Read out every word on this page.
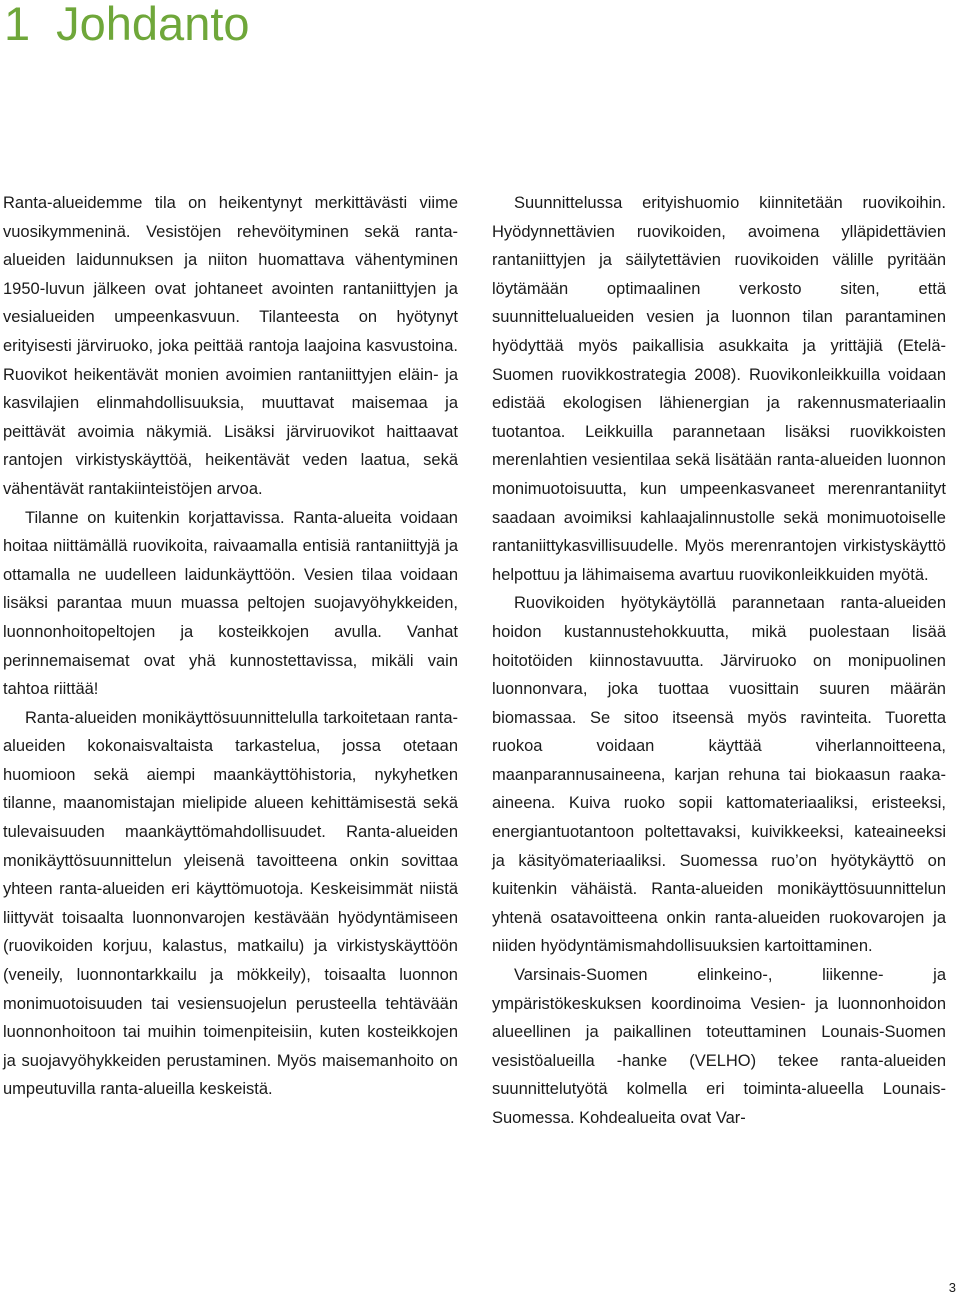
1 Johdanto

Ranta-alueidemme tila on heikentynyt merkittävästi viime vuosikymmeninä. Vesistöjen rehevöityminen sekä ranta-alueiden laidunnuksen ja niiton huomattava vähentyminen 1950-luvun jälkeen ovat johtaneet avointen rantaniittyjen ja vesialueiden umpeenkasvuun. Tilanteesta on hyötynyt erityisesti järviruoko, joka peittää rantoja laajoina kasvustoina. Ruovikot heikentävät monien avoimien rantaniittyjen eläin- ja kasvilajien elinmahdollisuuksia, muuttavat maisemaa ja peittävät avoimia näkymiä. Lisäksi järviruovikot haittaavat rantojen virkistyskäyttöä, heikentävät veden laatua, sekä vähentävät rantakiinteistöjen arvoa.

Tilanne on kuitenkin korjattavissa. Ranta-alueita voidaan hoitaa niittämällä ruovikoita, raivaamalla entisiä rantaniittyjä ja ottamalla ne uudelleen laidunkäyttöön. Vesien tilaa voidaan lisäksi parantaa muun muassa peltojen suojavyöhykkeiden, luonnonhoitopeltojen ja kosteikkojen avulla. Vanhat perinnemaisemat ovat yhä kunnostettavissa, mikäli vain tahtoa riittää!

Ranta-alueiden monikäyttösuunnittelulla tarkoitetaan ranta-alueiden kokonaisvaltaista tarkastelua, jossa otetaan huomioon sekä aiempi maankäyttöhistoria, nykyhetken tilanne, maanomistajan mielipide alueen kehittämisestä sekä tulevaisuuden maankäyttömahdollisuudet. Ranta-alueiden monikäyttösuunnittelun yleisenä tavoitteena onkin sovittaa yhteen ranta-alueiden eri käyttömuotoja. Keskeisimmät niistä liittyvät toisaalta luonnonvarojen kestävään hyödyntämiseen (ruovikoiden korjuu, kalastus, matkailu) ja virkistyskäyttöön (veneily, luonnontarkkailu ja mökkeily), toisaalta luonnon monimuotoisuuden tai vesiensuojelun perusteella tehtävään luonnonhoitoon tai muihin toimenpiteisiin, kuten kosteikkojen ja suojavyöhykkeiden perustaminen. Myös maisemanhoito on umpeutuvilla ranta-alueilla keskeistä.

Suunnittelussa erityishuomio kiinnitetään ruovikoihin. Hyödynnettävien ruovikoiden, avoimena ylläpidettävien rantaniittyjen ja säilytettävien ruovikoiden välille pyritään löytämään optimaalinen verkosto siten, että suunnittelualueiden vesien ja luonnon tilan parantaminen hyödyttää myös paikallisia asukkaita ja yrittäjiä (Etelä-Suomen ruovikkostrategia 2008). Ruovikonleikkuilla voidaan edistää ekologisen lähienergian ja rakennusmateriaalin tuotantoa. Leikkuilla parannetaan lisäksi ruovikkoisten merenlahtien vesientilaa sekä lisätään ranta-alueiden luonnon monimuotoisuutta, kun umpeenkasvaneet merenrantaniityt saadaan avoimiksi kahlaajalinnustolle sekä monimuotoiselle rantaniittykasvillisuudelle. Myös merenrantojen virkistyskäyttö helpottuu ja lähimaisema avartuu ruovikonleikkuiden myötä.

Ruovikoiden hyötykäytöllä parannetaan ranta-alueiden hoidon kustannustehokkuutta, mikä puolestaan lisää hoitotöiden kiinnostavuutta. Järviruoko on monipuolinen luonnonvara, joka tuottaa vuosittain suuren määrän biomassaa. Se sitoo itseensä myös ravinteita. Tuoretta ruokoa voidaan käyttää viherlannoitteena, maanparannusaineena, karjan rehuna tai biokaasun raaka-aineena. Kuiva ruoko sopii kattomateriaaliksi, eristeeksi, energiantuotantoon poltettavaksi, kuivikkeeksi, kateaineeksi ja käsityömateriaaliksi. Suomessa ruo’on hyötykäyttö on kuitenkin vähäistä. Ranta-alueiden monikäyttösuunnittelun yhtenä osatavoitteena onkin ranta-alueiden ruokovarojen ja niiden hyödyntämismahdollisuuksien kartoittaminen.

Varsinais-Suomen elinkeino-, liikenne- ja ympäristökeskuksen koordinoima Vesien- ja luonnonhoidon alueellinen ja paikallinen toteuttaminen Lounais-Suomen vesistöalueilla -hanke (VELHO) tekee ranta-alueiden suunnittelutyötä kolmella eri toiminta-alueella Lounais-Suomessa. Kohdealueita ovat Var-

3
